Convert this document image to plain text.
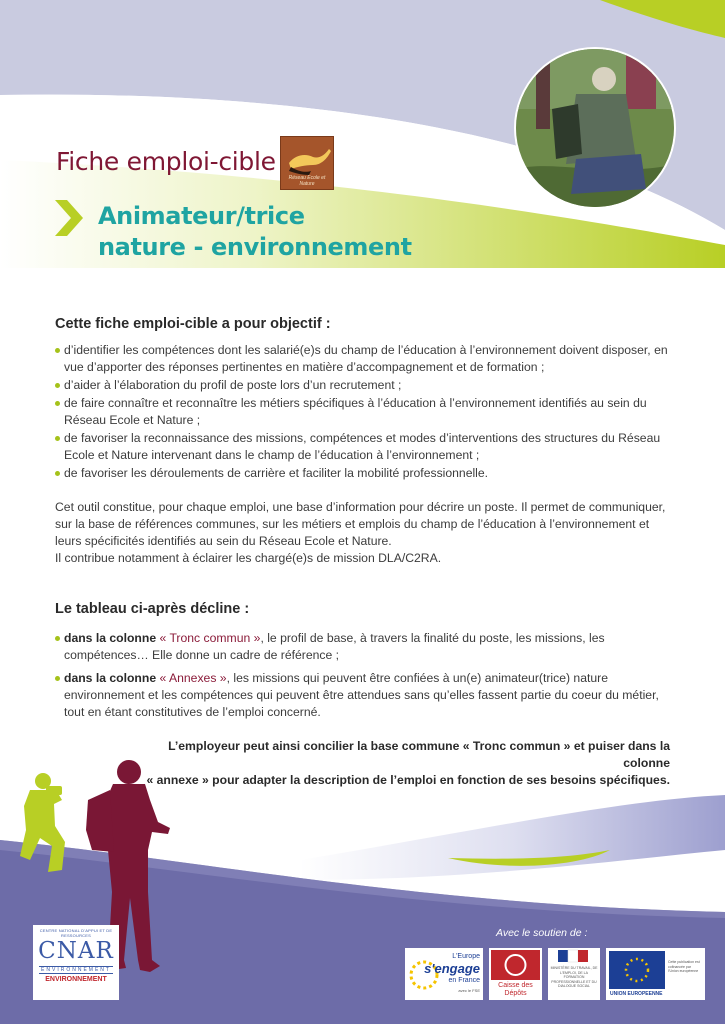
Fiche emploi-cible
Réseau Ecole et Nature
Animateur/trice
nature - environnement
Cette fiche emploi-cible a pour objectif :
d’identifier les compétences dont les salarié(e)s du champ de l’éducation à l’environnement doivent disposer, en vue d’apporter des réponses pertinentes en matière d’accompagnement et de formation ;
d’aider à l’élaboration du profil de poste lors d’un recrutement ;
de faire connaître et reconnaître les métiers spécifiques à l’éducation à l’environnement identifiés au sein du Réseau Ecole et Nature ;
de favoriser la reconnaissance des missions, compétences et modes d’interventions des structures du Réseau Ecole et Nature intervenant dans le champ de l’éducation à l’environnement ;
de favoriser les déroulements de carrière et faciliter la mobilité professionnelle.

Cet outil constitue, pour chaque emploi, une base d’information pour décrire un poste. Il permet de communiquer, sur la base de références communes, sur les métiers et emplois du champ de l’éducation à l’environnement et leurs spécificités identifiés au sein du Réseau Ecole et Nature.

Il contribue notamment à éclairer les chargé(e)s de mission DLA/C2RA.

Le tableau ci-après décline :
dans la colonne « Tronc commun », le profil de base, à travers la finalité du poste, les missions, les compétences… Elle donne un cadre de référence ;
dans la colonne « Annexes », les missions qui peuvent être confiées à un(e) animateur(trice) nature environnement et les compétences qui peuvent être attendues sans qu’elles fassent partie du coeur du métier, tout en étant constitutives de l’emploi concerné.
L’employeur peut ainsi concilier la base commune « Tronc commun » et puiser dans la colonne
« annexe » pour adapter la description de l’emploi en fonction de ses besoins spécifiques.
Avec le soutien de :
CENTRE NATIONAL D'APPUI ET DE RESSOURCES
CNAR
ENVIRONNEMENT
ENVIRONNEMENT
L'Europe
s'engage
en France
avec le FSE
Caisse des Dépôts
MINISTÈRE DU TRAVAIL, DE L'EMPLOI, DE LA FORMATION PROFESSIONNELLE ET DU DIALOGUE SOCIAL
UNION EUROPEENNE
Cette publication est cofinancée par l'Union européenne
